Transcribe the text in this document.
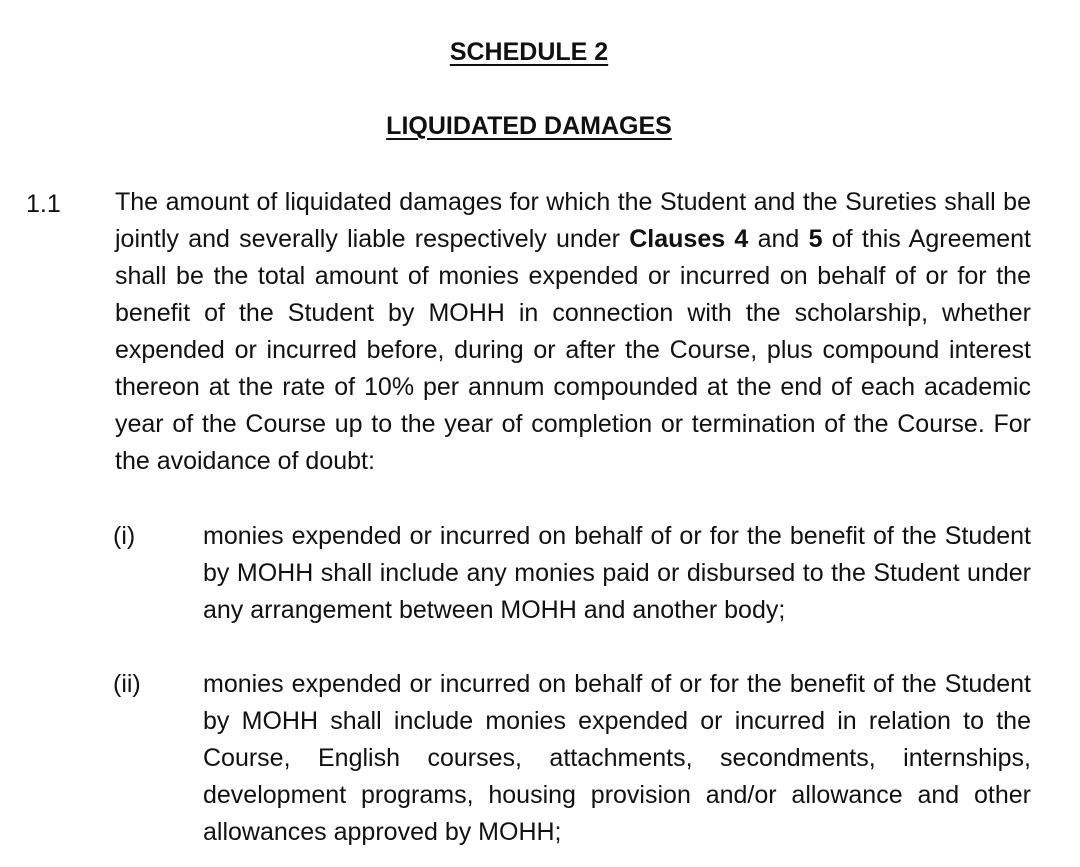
SCHEDULE 2
LIQUIDATED DAMAGES
1.1 The amount of liquidated damages for which the Student and the Sureties shall be jointly and severally liable respectively under Clauses 4 and 5 of this Agreement shall be the total amount of monies expended or incurred on behalf of or for the benefit of the Student by MOHH in connection with the scholarship, whether expended or incurred before, during or after the Course, plus compound interest thereon at the rate of 10% per annum compounded at the end of each academic year of the Course up to the year of completion or termination of the Course. For the avoidance of doubt:

(i)	monies expended or incurred on behalf of or for the benefit of the Student by MOHH shall include any monies paid or disbursed to the Student under any arrangement between MOHH and another body;

(ii) monies expended or incurred on behalf of or for the benefit of the Student by MOHH shall include monies expended or incurred in relation to the Course, English courses, attachments, secondments, internships, development programs, housing provision and/or allowance and other allowances approved by MOHH;
